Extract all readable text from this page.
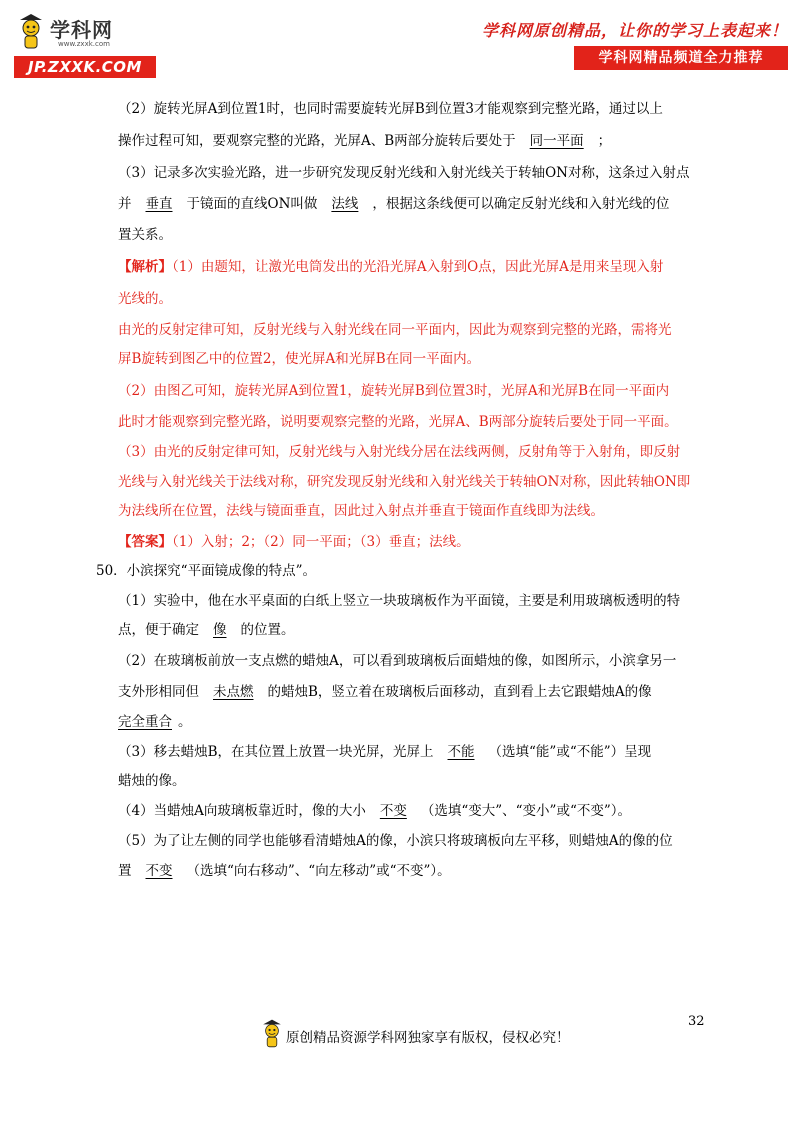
学科网
www.zxxk.com
JP.ZXXK.COM
学科网原创精品，让你的学习上表起来！
学科网精品频道全力推荐
（2）旋转光屏A到位置1时，也同时需要旋转光屏B到位置3才能观察到完整光路，通过以上
操作过程可知，要观察完整的光路，光屏A、B两部分旋转后要处于 同一平面 ；
（3）记录多次实验光路，进一步研究发现反射光线和入射光线关于转轴ON对称，这条过入射点
并 垂直 于镜面的直线ON叫做 法线 ，根据这条线便可以确定反射光线和入射光线的位
置关系。
【解析】（1）由题知，让激光电筒发出的光沿光屏A入射到O点，因此光屏A是用来呈现入射
光线的。
由光的反射定律可知，反射光线与入射光线在同一平面内，因此为观察到完整的光路，需将光
屏B旋转到图乙中的位置2，使光屏A和光屏B在同一平面内。
（2）由图乙可知，旋转光屏A到位置1，旋转光屏B到位置3时，光屏A和光屏B在同一平面内
此时才能观察到完整光路，说明要观察完整的光路，光屏A、B两部分旋转后要处于同一平面。
（3）由光的反射定律可知，反射光线与入射光线分居在法线两侧，反射角等于入射角，即反射
光线与入射光线关于法线对称，研究发现反射光线和入射光线关于转轴ON对称，因此转轴ON即
为法线所在位置，法线与镜面垂直，因此过入射点并垂直于镜面作直线即为法线。
【答案】（1）入射；2；（2）同一平面；（3）垂直；法线。
50．小滨探究“平面镜成像的特点”。
（1）实验中，他在水平桌面的白纸上竖立一块玻璃板作为平面镜，主要是利用玻璃板透明的特
点，便于确定 像 的位置。
（2）在玻璃板前放一支点燃的蜡烛A，可以看到玻璃板后面蜡烛的像，如图所示，小滨拿另一
支外形相同但 未点燃 的蜡烛B，竖立着在玻璃板后面移动，直到看上去它跟蜡烛A的像
完全重合 。
（3）移去蜡烛B，在其位置上放置一块光屏，光屏上 不能 （选填“能”或“不能”）呈现
蜡烛的像。
（4）当蜡烛A向玻璃板靠近时，像的大小 不变 （选填“变大”、“变小”或“不变”）。
（5）为了让左侧的同学也能够看清蜡烛A的像，小滨只将玻璃板向左平移，则蜡烛A的像的位
置 不变 （选填“向右移动”、“向左移动”或“不变”）。
32
原创精品资源学科网独家享有版权，侵权必究！
